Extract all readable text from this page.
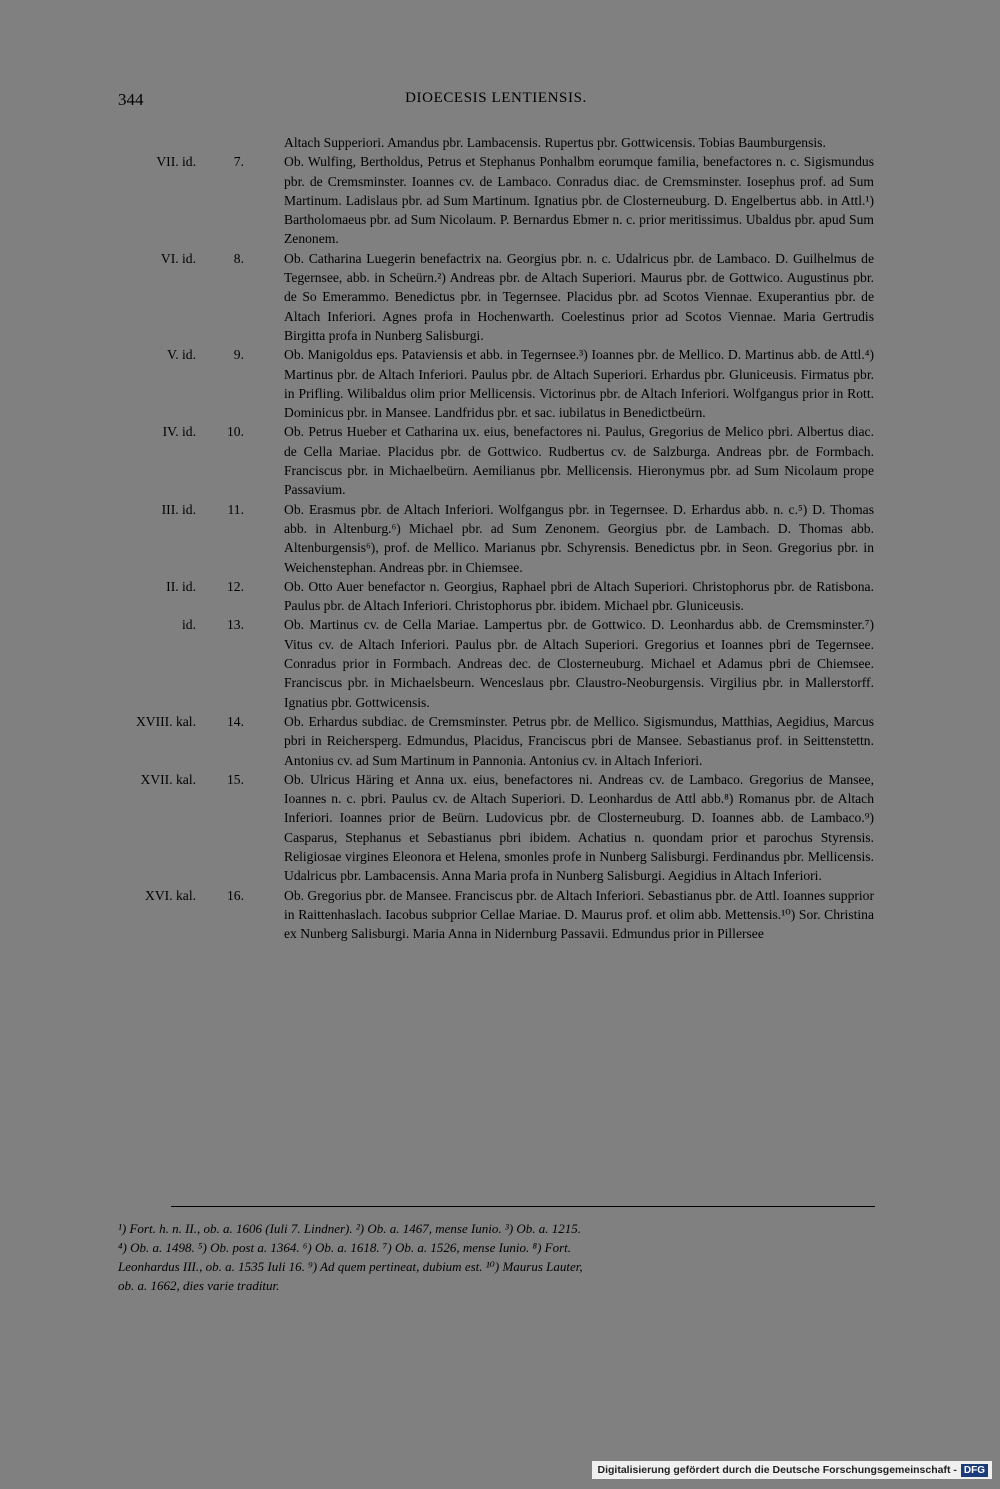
344	DIOECESIS LENTIENSIS.
Altach Supperiori. Amandus pbr. Lambacensis. Rupertus pbr. Gottwicensis. Tobias Baumburgensis.
VII. id.	7.	Ob. Wulfing, Bertholdus, Petrus et Stephanus Ponhalbm eorumque familia, benefactores n. c. Sigismundus pbr. de Cremsminster. Ioannes cv. de Lambaco. Conradus diac. de Cremsminster. Iosephus prof. ad Sum Martinum. Ladislaus pbr. ad Sum Martinum. Ignatius pbr. de Closterneuburg. D. Engelbertus abb. in Attl.¹) Bartholomaeus pbr. ad Sum Nicolaum. P. Bernardus Ebmer n. c. prior meritissimus. Ubaldus pbr. apud Sum Zenonem.
VI. id.	8.	Ob. Catharina Luegerin benefactrix na. Georgius pbr. n. c. Udalricus pbr. de Lambaco. D. Guilhelmus de Tegernsee, abb. in Scheürn.²) Andreas pbr. de Altach Superiori. Maurus pbr. de Gottwico. Augustinus pbr. de So Emerammo. Benedictus pbr. in Tegernsee. Placidus pbr. ad Scotos Viennae. Exuperantius pbr. de Altach Inferiori. Agnes profa in Hochenwarth. Coelestinus prior ad Scotos Viennae. Maria Gertrudis Birgitta profa in Nunberg Salisburgi.
V. id.	9.	Ob. Manigoldus eps. Pataviensis et abb. in Tegernsee.³) Ioannes pbr. de Mellico. D. Martinus abb. de Attl.⁴) Martinus pbr. de Altach Inferiori. Paulus pbr. de Altach Superiori. Erhardus pbr. Gluniceusis. Firmatus pbr. in Prifling. Wilibaldus olim prior Mellicensis. Victorinus pbr. de Altach Inferiori. Wolfgangus prior in Rott. Dominicus pbr. in Mansee. Landfridus pbr. et sac. iubilatus in Benedictbeürn.
IV. id.	10.	Ob. Petrus Hueber et Catharina ux. eius, benefactores ni. Paulus, Gregorius de Melico pbri. Albertus diac. de Cella Mariae. Placidus pbr. de Gottwico. Rudbertus cv. de Salzburga. Andreas pbr. de Formbach. Franciscus pbr. in Michaelbeürn. Aemilianus pbr. Mellicensis. Hieronymus pbr. ad Sum Nicolaum prope Passavium.
III. id.	11.	Ob. Erasmus pbr. de Altach Inferiori. Wolfgangus pbr. in Tegernsee. D. Erhardus abb. n. c.⁵) D. Thomas abb. in Altenburg.⁶) Michael pbr. ad Sum Zenonem. Georgius pbr. de Lambach. D. Thomas abb. Altenburgensis⁶), prof. de Mellico. Marianus pbr. Schyrensis. Benedictus pbr. in Seon. Gregorius pbr. in Weichenstephan. Andreas pbr. in Chiemsee.
II. id.	12.	Ob. Otto Auer benefactor n. Georgius, Raphael pbri de Altach Superiori. Christophorus pbr. de Ratisbona. Paulus pbr. de Altach Inferiori. Christophorus pbr. ibidem. Michael pbr. Gluniceusis.
id.	13.	Ob. Martinus cv. de Cella Mariae. Lampertus pbr. de Gottwico. D. Leonhardus abb. de Cremsminster.⁷) Vitus cv. de Altach Inferiori. Paulus pbr. de Altach Superiori. Gregorius et Ioannes pbri de Tegernsee. Conradus prior in Formbach. Andreas dec. de Closterneuburg. Michael et Adamus pbri de Chiemsee. Franciscus pbr. in Michaelsbeurn. Wenceslaus pbr. Claustro-Neoburgensis. Virgilius pbr. in Mallerstorff. Ignatius pbr. Gottwicensis.
XVIII. kal.	14.	Ob. Erhardus subdiac. de Cremsminster. Petrus pbr. de Mellico. Sigismundus, Matthias, Aegidius, Marcus pbri in Reichersperg. Edmundus, Placidus, Franciscus pbri de Mansee. Sebastianus prof. in Seittenstettn. Antonius cv. ad Sum Martinum in Pannonia. Antonius cv. in Altach Inferiori.
XVII. kal.	15.	Ob. Ulricus Häring et Anna ux. eius, benefactores ni. Andreas cv. de Lambaco. Gregorius de Mansee, Ioannes n. c. pbri. Paulus cv. de Altach Superiori. D. Leonhardus de Attl abb.⁸) Romanus pbr. de Altach Inferiori. Ioannes prior de Beürn. Ludovicus pbr. de Closterneuburg. D. Ioannes abb. de Lambaco.⁹) Casparus, Stephanus et Sebastianus pbri ibidem. Achatius n. quondam prior et parochus Styrensis. Religiosae virgines Eleonora et Helena, smonles profe in Nunberg Salisburgi. Ferdinandus pbr. Mellicensis. Udalricus pbr. Lambacensis. Anna Maria profa in Nunberg Salisburgi. Aegidius in Altach Inferiori.
XVI. kal.	16.	Ob. Gregorius pbr. de Mansee. Franciscus pbr. de Altach Inferiori. Sebastianus pbr. de Attl. Ioannes supprior in Raittenhaslach. Iacobus subprior Cellae Mariae. D. Maurus prof. et olim abb. Mettensis.¹⁰) Sor. Christina ex Nunberg Salisburgi. Maria Anna in Nidernburg Passavii. Edmundus prior in Pillersee

¹) Fort. h. n. II., ob. a. 1606 (Iuli 7. Lindner). ²) Ob. a. 1467, mense Iunio. ³) Ob. a. 1215.

⁴) Ob. a. 1498. ⁵) Ob. post a. 1364. ⁶) Ob. a. 1618. ⁷) Ob. a. 1526, mense Iunio. ⁸) Fort.

Leonhardus III., ob. a. 1535 Iuli 16. ⁹) Ad quem pertineat, dubium est. ¹⁰) Maurus Lauter,

ob. a. 1662, dies varie traditur.

Digitalisierung gefördert durch die Deutsche Forschungsgemeinschaft - DFG
